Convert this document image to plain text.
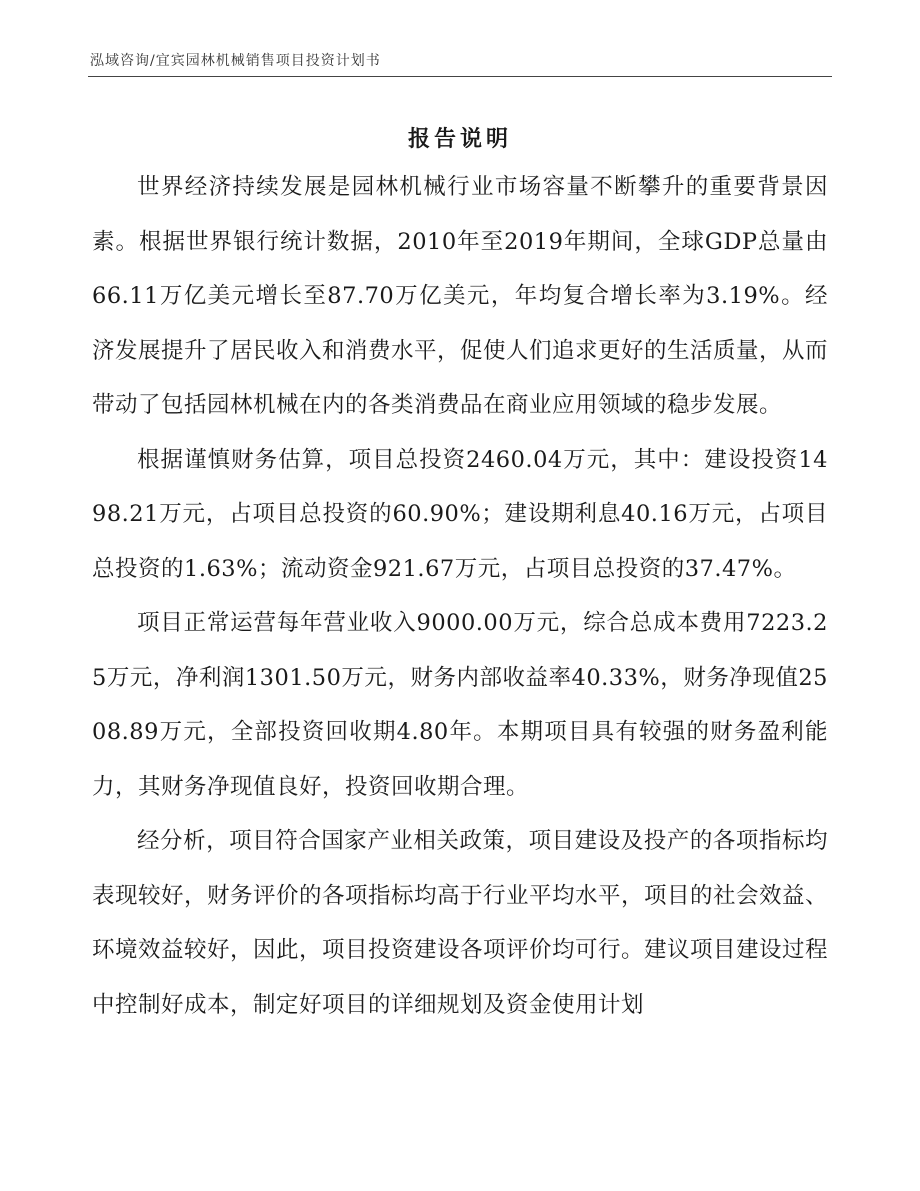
泓域咨询/宜宾园林机械销售项目投资计划书
报告说明

世界经济持续发展是园林机械行业市场容量不断攀升的重要背景因素。根据世界银行统计数据，2010年至2019年期间，全球GDP总量由66.11万亿美元增长至87.70万亿美元，年均复合增长率为3.19%。经济发展提升了居民收入和消费水平，促使人们追求更好的生活质量，从而带动了包括园林机械在内的各类消费品在商业应用领域的稳步发展。

根据谨慎财务估算，项目总投资2460.04万元，其中：建设投资1498.21万元，占项目总投资的60.90%；建设期利息40.16万元，占项目总投资的1.63%；流动资金921.67万元，占项目总投资的37.47%。

项目正常运营每年营业收入9000.00万元，综合总成本费用7223.25万元，净利润1301.50万元，财务内部收益率40.33%，财务净现值2508.89万元，全部投资回收期4.80年。本期项目具有较强的财务盈利能力，其财务净现值良好，投资回收期合理。

经分析，项目符合国家产业相关政策，项目建设及投产的各项指标均表现较好，财务评价的各项指标均高于行业平均水平，项目的社会效益、环境效益较好，因此，项目投资建设各项评价均可行。建议项目建设过程中控制好成本，制定好项目的详细规划及资金使用计划
